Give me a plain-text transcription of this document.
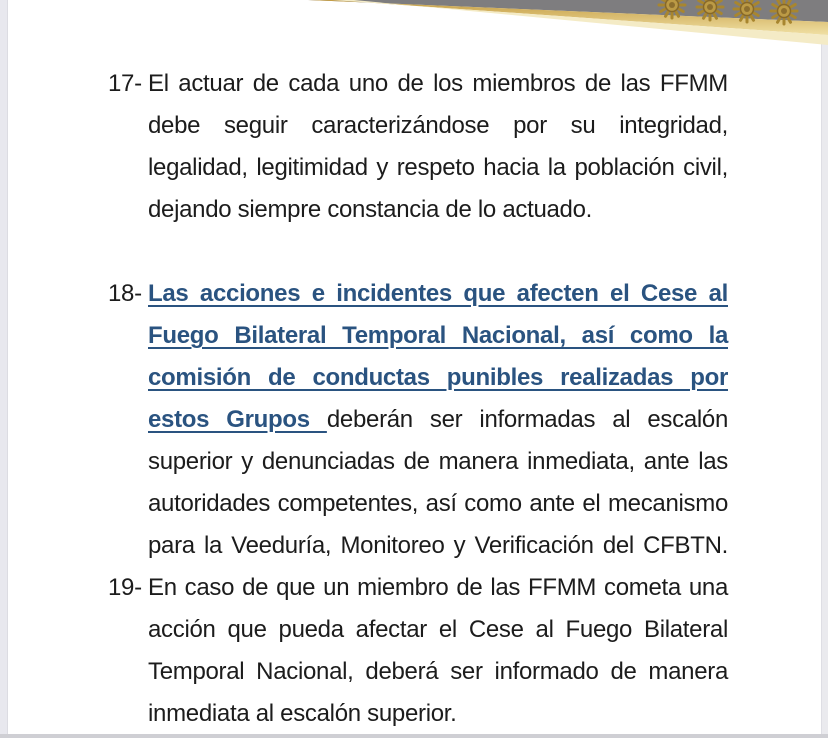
17- El actuar de cada uno de los miembros de las FFMM
debe seguir caracterizándose por su integridad,
legalidad, legitimidad y respeto hacia la población civil,
dejando siempre constancia de lo actuado.
18- Las acciones e incidentes que afecten el Cese al
Fuego Bilateral Temporal Nacional, así como la
comisión de conductas punibles realizadas por
estos Grupos deberán ser informadas al escalón
superior y denunciadas de manera inmediata, ante las
autoridades competentes, así como ante el mecanismo
para la Veeduría, Monitoreo y Verificación del CFBTN.
19- En caso de que un miembro de las FFMM cometa una
acción que pueda afectar el Cese al Fuego Bilateral
Temporal Nacional, deberá ser informado de manera
inmediata al escalón superior.
